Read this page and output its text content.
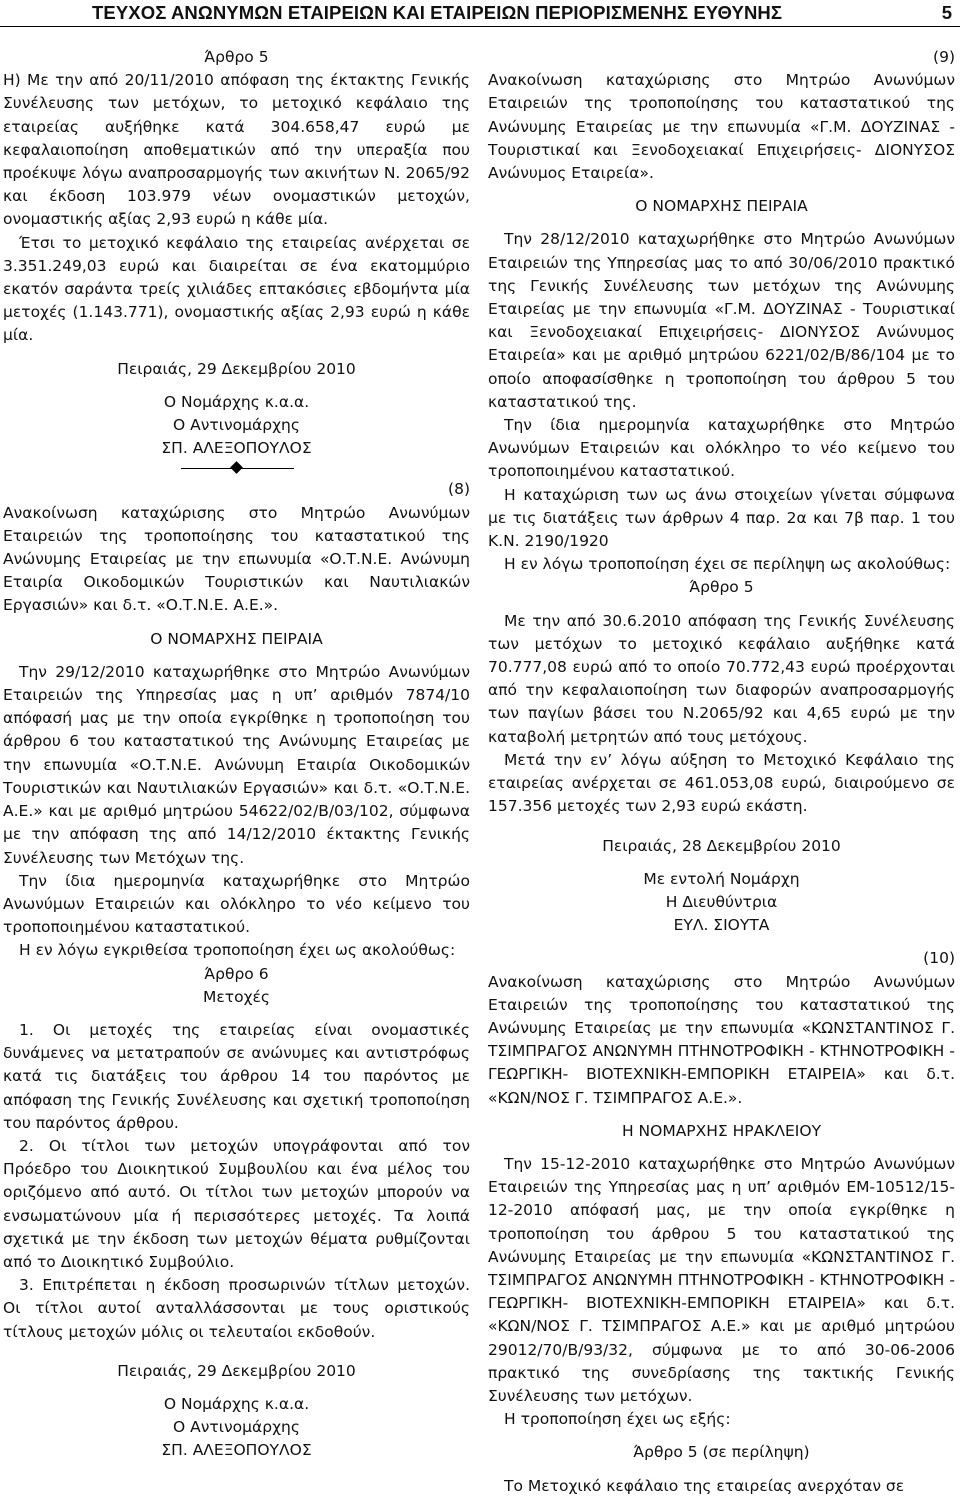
ΤΕΥΧΟΣ ΑΝΩΝΥΜΩΝ ΕΤΑΙΡΕΙΩΝ ΚΑΙ ΕΤΑΙΡΕΙΩΝ ΠΕΡΙΟΡΙΣΜΕΝΗΣ ΕΥΘΥΝΗΣ	5
Άρθρο 5
Η) Με την από 20/11/2010 απόφαση της έκτακτης Γενικής Συνέλευσης των μετόχων, το μετοχικό κεφάλαιο της εταιρείας αυξήθηκε κατά 304.658,47 ευρώ με κεφαλαιοποίηση αποθεματικών από την υπεραξία που προέκυψε λόγω αναπροσαρμογής των ακινήτων Ν. 2065/92 και έκδοση 103.979 νέων ονομαστικών μετοχών, ονομαστικής αξίας 2,93 ευρώ η κάθε μία.
Έτσι το μετοχικό κεφάλαιο της εταιρείας ανέρχεται σε 3.351.249,03 ευρώ και διαιρείται σε ένα εκατομμύριο εκατόν σαράντα τρείς χιλιάδες επτακόσιες εβδομήντα μία μετοχές (1.143.771), ονομαστικής αξίας 2,93 ευρώ η κάθε μία.
Πειραιάς, 29 Δεκεμβρίου 2010
Ο Νομάρχης κ.α.α.
Ο Αντινομάρχης
ΣΠ. ΑΛΕΞΟΠΟΥΛΟΣ
(8)
Ανακοίνωση καταχώρισης στο Μητρώο Ανωνύμων Εταιρειών της τροποποίησης του καταστατικού της Ανώνυμης Εταιρείας με την επωνυμία «Ο.Τ.Ν.Ε. Ανώνυμη Εταιρία Οικοδομικών Τουριστικών και Ναυτιλιακών Εργασιών» και δ.τ. «Ο.Τ.Ν.Ε. Α.Ε.».
Ο ΝΟΜΑΡΧΗΣ ΠΕΙΡΑΙΑ
Την 29/12/2010 καταχωρήθηκε στο Μητρώο Ανωνύμων Εταιρειών της Υπηρεσίας μας η υπ’ αριθμόν 7874/10 απόφασή μας με την οποία εγκρίθηκε η τροποποίηση του άρθρου 6 του καταστατικού της Ανώνυμης Εταιρείας με την επωνυμία «Ο.Τ.Ν.Ε. Ανώνυμη Εταιρία Οικοδομικών Τουριστικών και Ναυτιλιακών Εργασιών» και δ.τ. «Ο.Τ.Ν.Ε. Α.Ε.» και με αριθμό μητρώου 54622/02/Β/03/102, σύμφωνα με την απόφαση της από 14/12/2010 έκτακτης Γενικής Συνέλευσης των Μετόχων της.
Την ίδια ημερομηνία καταχωρήθηκε στο Μητρώο Ανωνύμων Εταιρειών και ολόκληρο το νέο κείμενο του τροποποιημένου καταστατικού.
Η εν λόγω εγκριθείσα τροποποίηση έχει ως ακολούθως:
Άρθρο 6
Μετοχές
1. Οι μετοχές της εταιρείας είναι ονομαστικές δυνάμενες να μετατραπούν σε ανώνυμες και αντιστρόφως κατά τις διατάξεις του άρθρου 14 του παρόντος με απόφαση της Γενικής Συνέλευσης και σχετική τροποποίηση του παρόντος άρθρου.
2. Οι τίτλοι των μετοχών υπογράφονται από τον Πρόεδρο του Διοικητικού Συμβουλίου και ένα μέλος του οριζόμενο από αυτό. Οι τίτλοι των μετοχών μπορούν να ενσωματώνουν μία ή περισσότερες μετοχές. Τα λοιπά σχετικά με την έκδοση των μετοχών θέματα ρυθμίζονται από το Διοικητικό Συμβούλιο.
3. Επιτρέπεται η έκδοση προσωρινών τίτλων μετοχών. Οι τίτλοι αυτοί ανταλλάσσονται με τους οριστικούς τίτλους μετοχών μόλις οι τελευταίοι εκδοθούν.
Πειραιάς, 29 Δεκεμβρίου 2010
Ο Νομάρχης κ.α.α.
Ο Αντινομάρχης
ΣΠ. ΑΛΕΞΟΠΟΥΛΟΣ
(9)
Ανακοίνωση καταχώρισης στο Μητρώο Ανωνύμων Εταιρειών της τροποποίησης του καταστατικού της Ανώνυμης Εταιρείας με την επωνυμία «Γ.Μ. ΔΟΥΖΙΝΑΣ - Τουριστικαί και Ξενοδοχειακαί Επιχειρήσεις- ΔΙΟΝΥΣΟΣ Ανώνυμος Εταιρεία».
Ο ΝΟΜΑΡΧΗΣ ΠΕΙΡΑΙΑ
Την 28/12/2010 καταχωρήθηκε στο Μητρώο Ανωνύμων Εταιρειών της Υπηρεσίας μας το από 30/06/2010 πρακτικό της Γενικής Συνέλευσης των μετόχων της Ανώνυμης Εταιρείας με την επωνυμία «Γ.Μ. ΔΟΥΖΙΝΑΣ - Τουριστικαί και Ξενοδοχειακαί Επιχειρήσεις- ΔΙΟΝΥΣΟΣ Ανώνυμος Εταιρεία» και με αριθμό μητρώου 6221/02/Β/86/104 με το οποίο αποφασίσθηκε η τροποποίηση του άρθρου 5 του καταστατικού της.
Την ίδια ημερομηνία καταχωρήθηκε στο Μητρώο Ανωνύμων Εταιρειών και ολόκληρο το νέο κείμενο του τροποποιημένου καταστατικού.
Η καταχώριση των ως άνω στοιχείων γίνεται σύμφωνα με τις διατάξεις των άρθρων 4 παρ. 2α και 7β παρ. 1 του Κ.Ν. 2190/1920
Η εν λόγω τροποποίηση έχει σε περίληψη ως ακολούθως:
Άρθρο 5
Με την από 30.6.2010 απόφαση της Γενικής Συνέλευσης των μετόχων το μετοχικό κεφάλαιο αυξήθηκε κατά 70.777,08 ευρώ από το οποίο 70.772,43 ευρώ προέρχονται από την κεφαλαιοποίηση των διαφορών αναπροσαρμογής των παγίων βάσει του Ν.2065/92 και 4,65 ευρώ με την καταβολή μετρητών από τους μετόχους.
Μετά την εν’ λόγω αύξηση το Μετοχικό Κεφάλαιο της εταιρείας ανέρχεται σε 461.053,08 ευρώ, διαιρούμενο σε 157.356 μετοχές των 2,93 ευρώ εκάστη.
Πειραιάς, 28 Δεκεμβρίου 2010
Με εντολή Νομάρχη
Η Διευθύντρια
ΕΥΛ. ΣΙΟΥΤΑ
(10)
Ανακοίνωση καταχώρισης στο Μητρώο Ανωνύμων Εταιρειών της τροποποίησης του καταστατικού της Ανώνυμης Εταιρείας με την επωνυμία «ΚΩΝΣΤΑΝΤΙΝΟΣ Γ. ΤΣΙΜΠΡΑΓΟΣ ΑΝΩΝΥΜΗ ΠΤΗΝΟΤΡΟΦΙΚΗ - ΚΤΗΝΟΤΡΟΦΙΚΗ - ΓΕΩΡΓΙΚΗ- ΒΙΟΤΕΧΝΙΚΗ-ΕΜΠΟΡΙΚΗ ΕΤΑΙΡΕΙΑ» και δ.τ. «ΚΩΝ/ΝΟΣ Γ. ΤΣΙΜΠΡΑΓΟΣ Α.Ε.».
Η ΝΟΜΑΡΧΗΣ ΗΡΑΚΛΕΙΟΥ
Την 15-12-2010 καταχωρήθηκε στο Μητρώο Ανωνύμων Εταιρειών της Υπηρεσίας μας η υπ’ αριθμόν ΕΜ-10512/15-12-2010 απόφασή μας, με την οποία εγκρίθηκε η τροποποίηση του άρθρου 5 του καταστατικού της Ανώνυμης Εταιρείας με την επωνυμία «ΚΩΝΣΤΑΝΤΙΝΟΣ Γ. ΤΣΙΜΠΡΑΓΟΣ ΑΝΩΝΥΜΗ ΠΤΗΝΟΤΡΟΦΙΚΗ - ΚΤΗΝΟΤΡΟΦΙΚΗ - ΓΕΩΡΓΙΚΗ- ΒΙΟΤΕΧΝΙΚΗ-ΕΜΠΟΡΙΚΗ ΕΤΑΙΡΕΙΑ» και δ.τ. «ΚΩΝ/ΝΟΣ Γ. ΤΣΙΜΠΡΑΓΟΣ Α.Ε.» και με αριθμό μητρώου 29012/70/Β/93/32, σύμφωνα με το από 30-06-2006 πρακτικό της συνεδρίασης της τακτικής Γενικής Συνέλευσης των μετόχων.
Η τροποποίηση έχει ως εξής:
Άρθρο 5 (σε περίληψη)
Το Μετοχικό κεφάλαιο της εταιρείας ανερχόταν σε
